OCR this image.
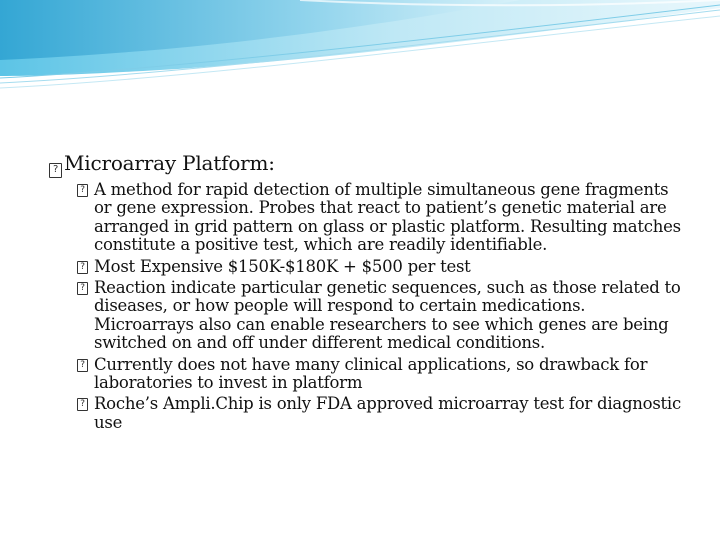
? Microarray Platform:
? A method for rapid detection of multiple simultaneous gene fragments or gene expression. Probes that react to patient’s genetic material are arranged in grid pattern on glass or plastic platform. Resulting matches constitute a positive test, which are readily identifiable.
? Most Expensive $150K-$180K + $500 per test
? Reaction indicate particular genetic sequences, such as those related to diseases, or how people will respond to certain medications. Microarrays also can enable researchers to see which genes are being switched on and off under different medical conditions.
? Currently does not have many clinical applications, so drawback for laboratories to invest in platform
? Roche’s Ampli.Chip is only FDA approved microarray test for diagnostic use
